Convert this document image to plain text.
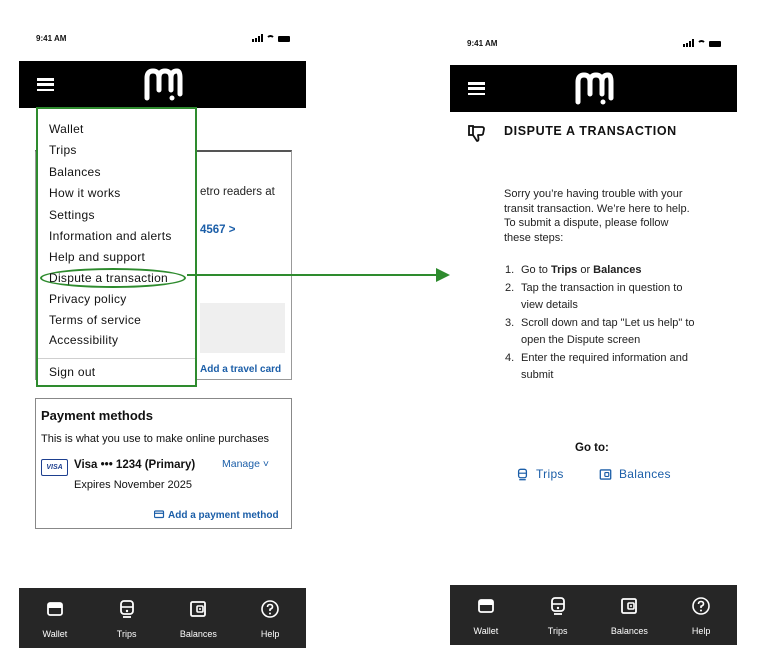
9:41 AM
etro readers at
4567 >
Add a travel card
Wallet
Trips
Balances
How it works
Settings
Information and alerts
Help and support
Dispute a transaction
Privacy policy
Terms of service
Accessibility
Sign out
Payment methods
This is what you use to make online purchases
VISA Visa ••• 1234 (Primary)
Expires November 2025
Manage ˅
Add a payment method
Wallet	Trips	Balances	Help
9:41 AM
DISPUTE A TRANSACTION

Sorry you’re having trouble with your transit transaction. We’re here to help. To submit a dispute, please follow these steps:

1. Go to Trips or Balances
2. Tap the transaction in question to view details
3. Scroll down and tap "Let us help" to open the Dispute screen
4. Enter the required information and submit
Go to:
Trips	Balances
Wallet	Trips	Balances	Help
